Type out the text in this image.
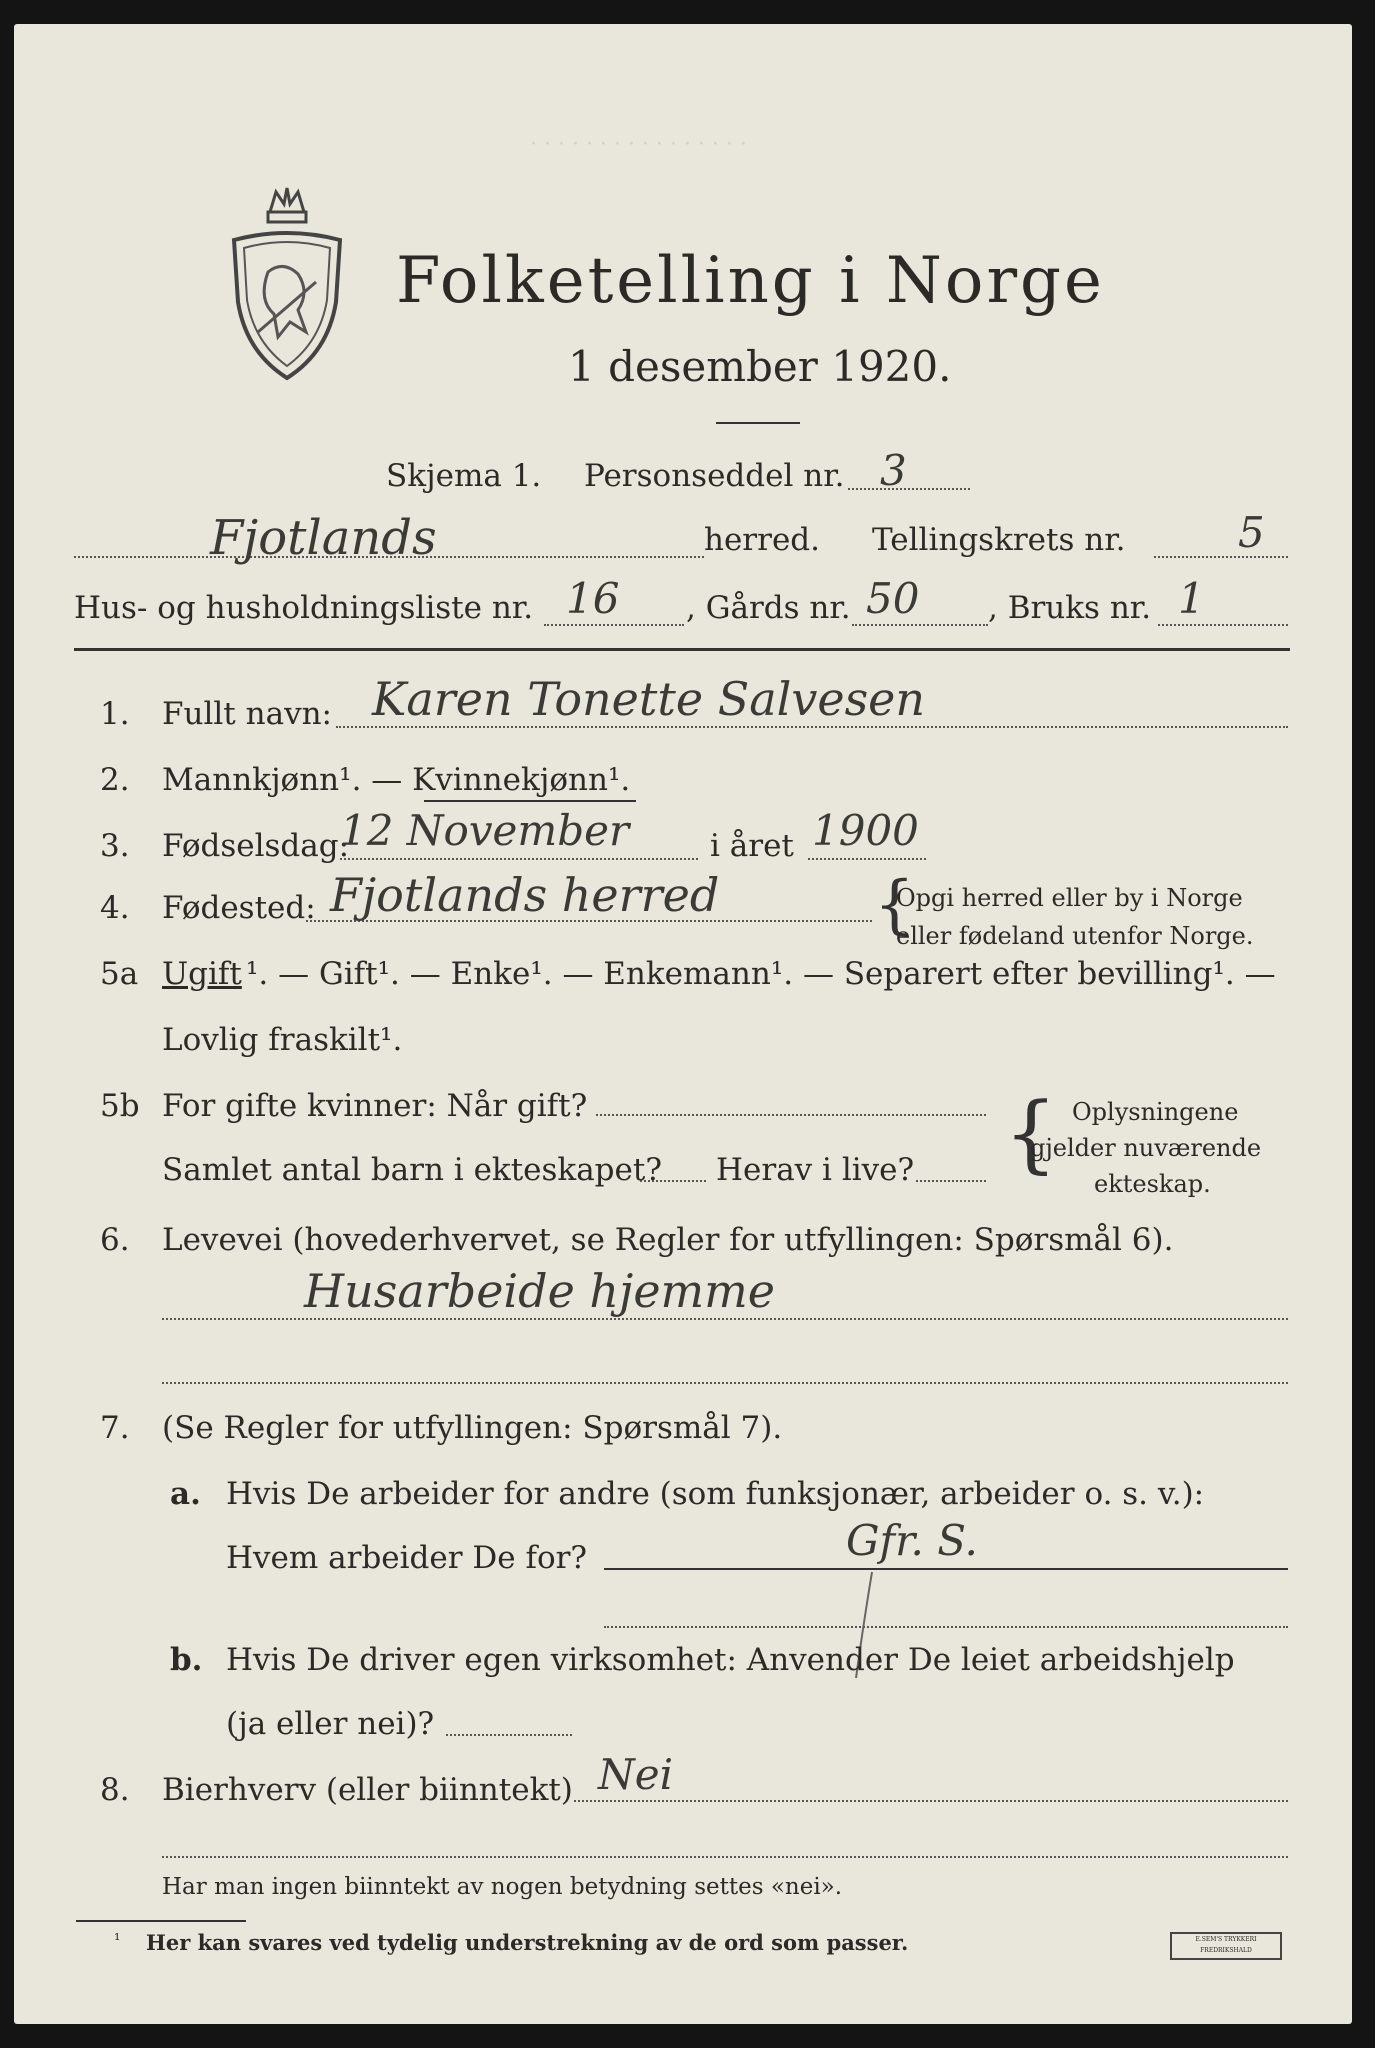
· · · · · · · · · · · · · · · ·
Folketelling i Norge
1 desember 1920.
Skjema 1. Personseddel nr. 3
Fjotlands	herred. Tellingskrets nr.	5
Hus- og husholdningsliste nr. 16 , Gårds nr. 50 , Bruks nr. 1
1. Fullt navn: Karen Tonette Salvesen
2. Mannkjønn¹. — Kvinnekjønn¹.
3. Fødselsdag:
12 November	i året 1900
4. Fødested: Fjotlands herred {
Opgi herred eller by i Norge
eller fødeland utenfor Norge.
5a Ugift ¹. — Gift¹. — Enke¹. — Enkemann¹. — Separert efter bevilling¹. —
Lovlig fraskilt¹.
5b For gifte kvinner: Når gift?
Samlet antal barn i ekteskapet? Herav i live? { Oplysningene
gjelder nuværende
ekteskap.
6. Levevei (hovederhvervet, se Regler for utfyllingen: Spørsmål 6).
Husarbeide hjemme
7. (Se Regler for utfyllingen: Spørsmål 7).
a. Hvis De arbeider for andre (som funksjonær, arbeider o. s. v.):
Hvem arbeider De for?	Gfr. S.
b. Hvis De driver egen virksomhet: Anvender De leiet arbeidshjelp
(ja eller nei)?
8. Bierhverv (eller biinntekt) Nei
Har man ingen biinntekt av nogen betydning settes «nei».
¹ Her kan svares ved tydelig understrekning av de ord som passer.	E.SEM'S TRYKKERI FREDRIKSHALD
